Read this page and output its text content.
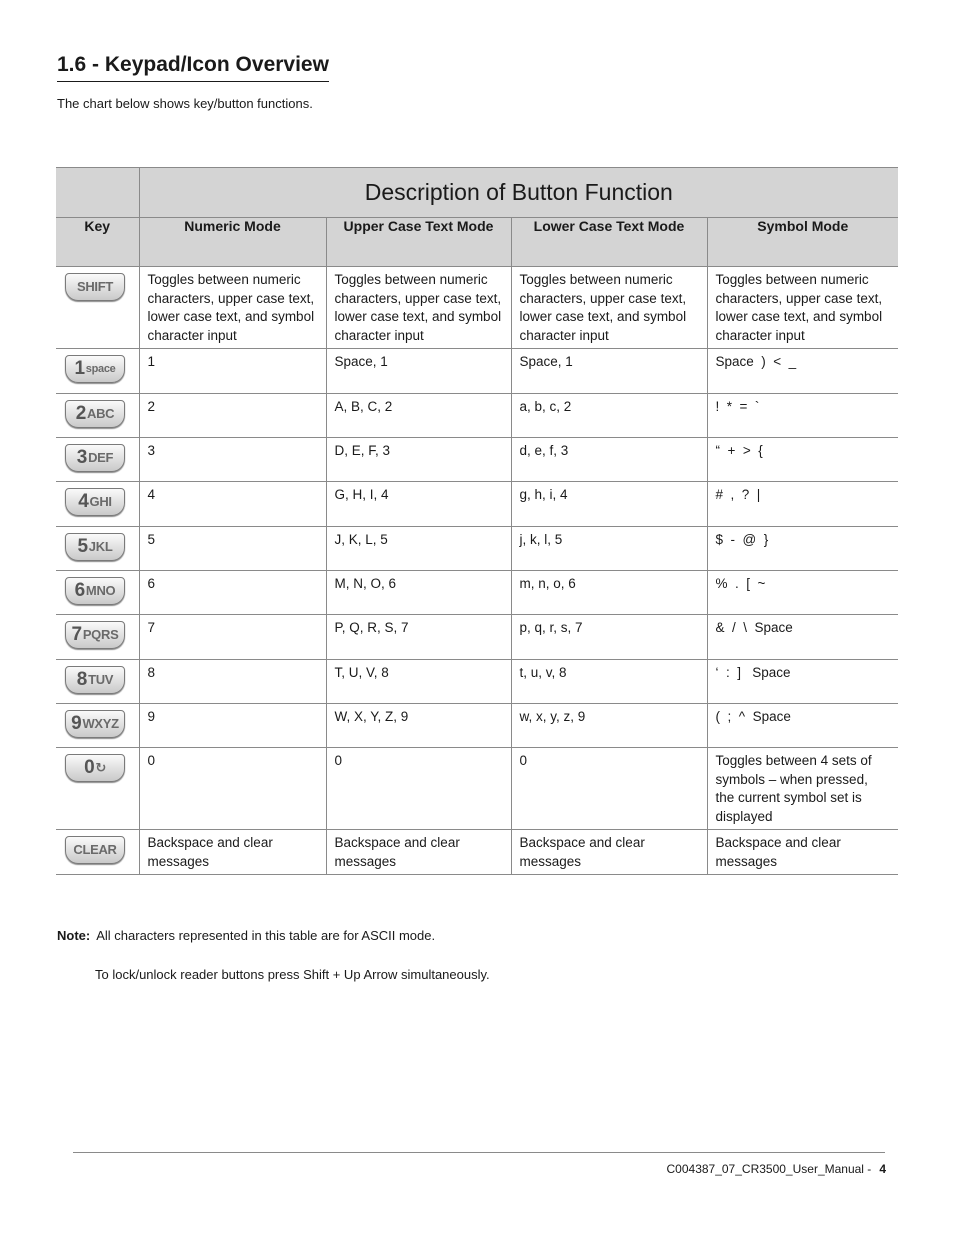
1.6 - Keypad/Icon Overview
The chart below shows key/button functions.
	Description of Button Function			
Key	Numeric Mode	Upper Case Text Mode	Lower Case Text Mode	Symbol Mode

SHIFT	Toggles between numeric characters, upper case text, lower case text, and symbol character input	Toggles between numeric characters, upper case text, lower case text, and symbol character input	Toggles between numeric characters, upper case text, lower case text, and symbol character input	Toggles between numeric characters, upper case text, lower case text, and symbol character input

1 space	1	Space, 1	Space, 1	Space  )  <  _

2 ABC	2	A, B, C, 2	a, b, c, 2	!  *  =  `

3 DEF	3	D, E, F, 3	d, e, f, 3	“  +  >  {

4 GHI	4	G, H, I, 4	g, h, i, 4	#  ,  ?  |

5 JKL	5	J, K, L, 5	j, k, l, 5	$  -  @  }

6 MNO	6	M, N, O, 6	m, n, o, 6	%  .  [  ~

7 PQRS	7	P, Q, R, S, 7	p, q, r, s, 7	&  /  \  Space

8 TUV	8	T, U, V, 8	t, u, v, 8	‘  :  ]   Space

9 WXYZ	9	W, X, Y, Z, 9	w, x, y, z, 9	(  ;  ^  Space

0 ↻	0	0	0	Toggles between 4 sets of symbols – when pressed, the current symbol set is displayed

CLEAR	Backspace and clear messages	Backspace and clear messages	Backspace and clear messages	Backspace and clear messages
Note: All characters represented in this table are for ASCII mode.
To lock/unlock reader buttons press Shift + Up Arrow simultaneously.
C004387_07_CR3500_User_Manual - 4
